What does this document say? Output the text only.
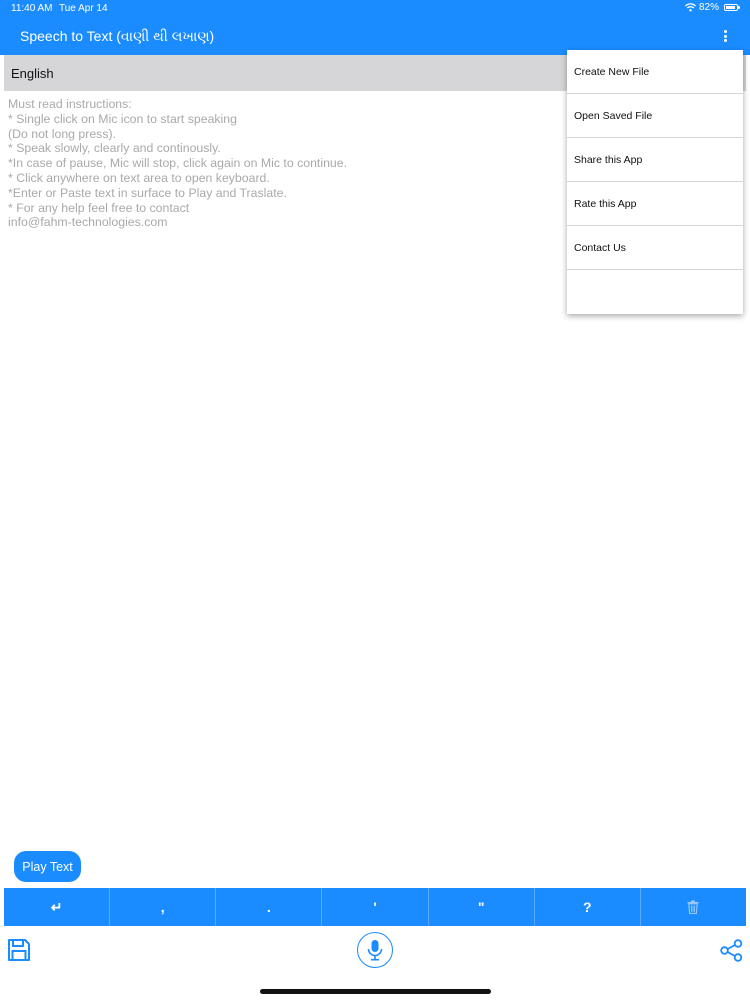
11:40 AM Tue Apr 14	82%
Speech to Text (વાણી થી લખાણ)
English
Must read instructions:
* Single click on Mic icon to start speaking
(Do not long press).
* Speak slowly, clearly and continously.
*In case of pause, Mic will stop, click again on Mic to continue.
* Click anywhere on text area to open keyboard.
*Enter or Paste text in surface to Play and Traslate.
* For any help feel free to contact
info@fahm-technologies.com
Play Text
↵	,	.	'	"	?
Create New File
Open Saved File
Share this App
Rate this App
Contact Us
